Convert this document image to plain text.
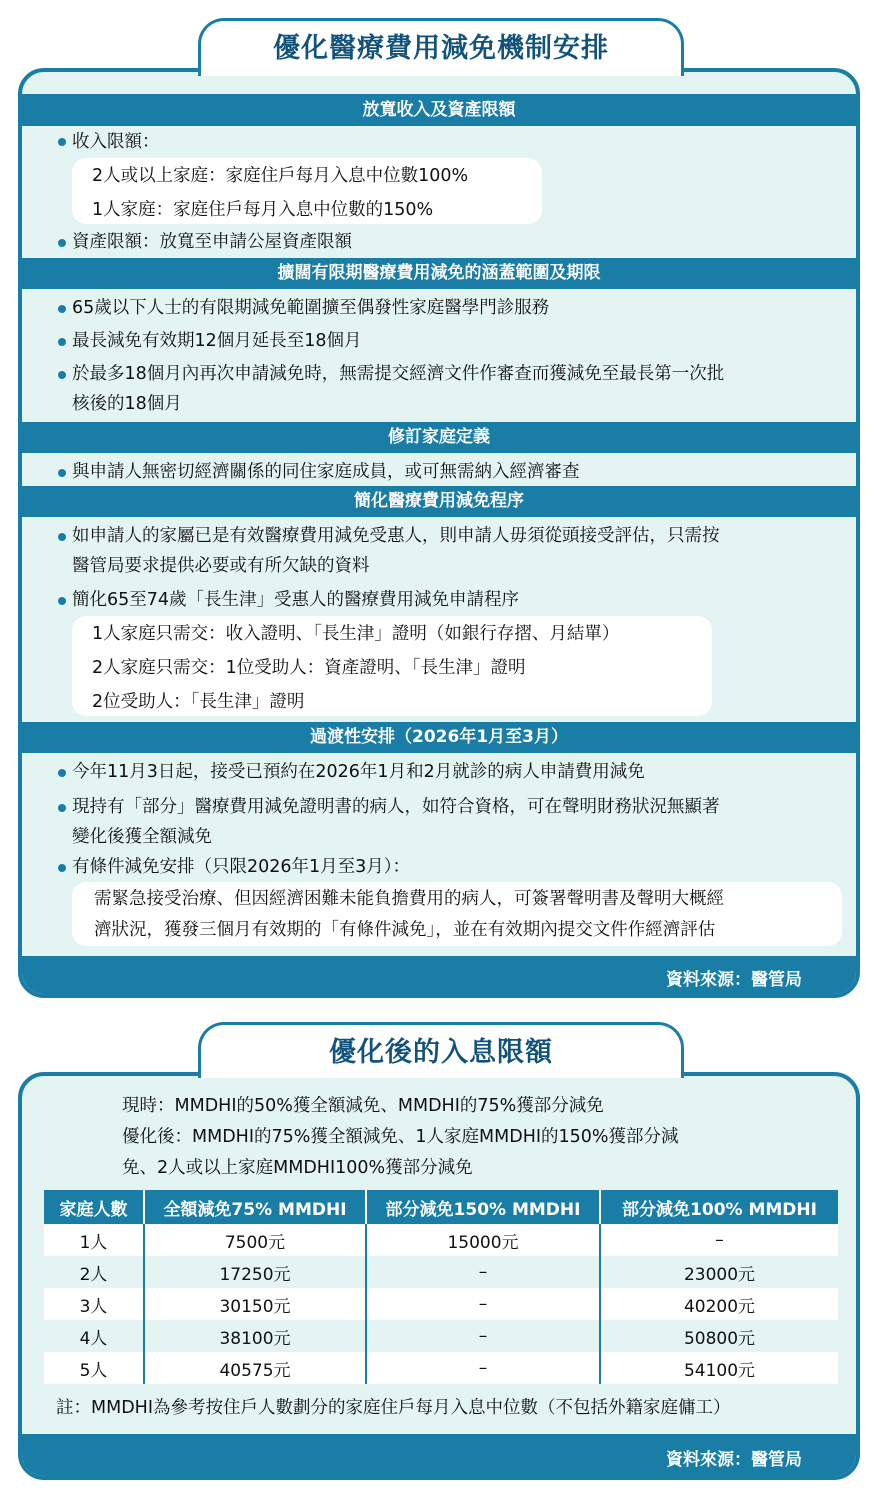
優化醫療費用減免機制安排
放寬收入及資產限額
收入限額：
2人或以上家庭：家庭住戶每月入息中位數100%
1人家庭：家庭住戶每月入息中位數的150%
資產限額：放寬至申請公屋資產限額
擴闊有限期醫療費用減免的涵蓋範圍及期限
65歲以下人士的有限期減免範圍擴至偶發性家庭醫學門診服務
最長減免有效期12個月延長至18個月
於最多18個月內再次申請減免時，無需提交經濟文件作審查而獲減免至最長第一次批
核後的18個月
修訂家庭定義
與申請人無密切經濟關係的同住家庭成員，或可無需納入經濟審查
簡化醫療費用減免程序
如申請人的家屬已是有效醫療費用減免受惠人，則申請人毋須從頭接受評估，只需按
醫管局要求提供必要或有所欠缺的資料
簡化65至74歲「長生津」受惠人的醫療費用減免申請程序
1人家庭只需交：收入證明、「長生津」證明（如銀行存摺、月結單）
2人家庭只需交：1位受助人：資產證明、「長生津」證明
2位受助人：「長生津」證明
過渡性安排（2026年1月至3月）
今年11月3日起，接受已預約在2026年1月和2月就診的病人申請費用減免
現持有「部分」醫療費用減免證明書的病人，如符合資格，可在聲明財務狀況無顯著
變化後獲全額減免
有條件減免安排（只限2026年1月至3月）：
需緊急接受治療、但因經濟困難未能負擔費用的病人，可簽署聲明書及聲明大概經
濟狀況，獲發三個月有效期的「有條件減免」，並在有效期內提交文件作經濟評估
資料來源：醫管局
優化後的入息限額
現時：MMDHI的50%獲全額減免、MMDHI的75%獲部分減免
優化後：MMDHI的75%獲全額減免、1人家庭MMDHI的150%獲部分減
免、2人或以上家庭MMDHI100%獲部分減免
家庭人數	全額減免75% MMDHI	部分減免150% MMDHI	部分減免100% MMDHI
1人	7500元	15000元	–
2人	17250元	–	23000元
3人	30150元	–	40200元
4人	38100元	–	50800元
5人	40575元	–	54100元
註：MMDHI為參考按住戶人數劃分的家庭住戶每月入息中位數（不包括外籍家庭傭工）
資料來源：醫管局
